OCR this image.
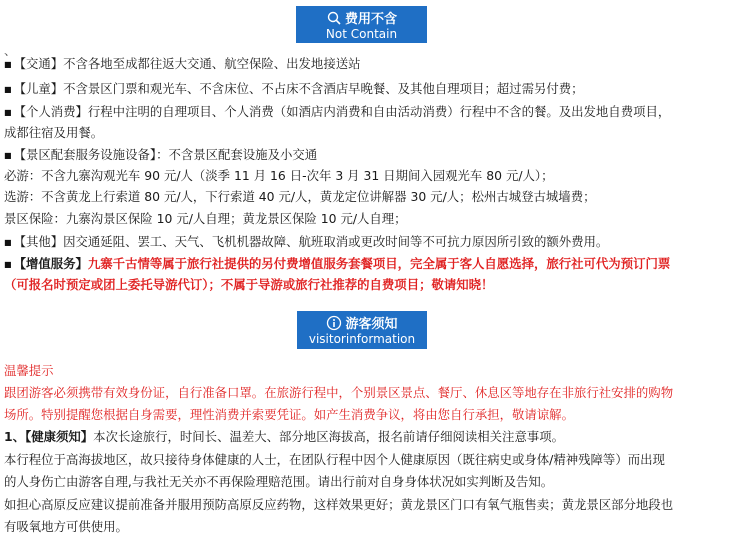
费用不含
Not Contain
、
■ 【交通】不含各地至成都往返大交通、航空保险、出发地接送站
■ 【儿童】不含景区门票和观光车、不含床位、不占床不含酒店早晚餐、及其他自理项目；超过需另付费；
■ 【个人消费】行程中注明的自理项目、个人消费（如酒店内消费和自由活动消费）行程中不含的餐。及出发地自费项目，
成都往宿及用餐。
■ 【景区配套服务设施设备】：不含景区配套设施及小交通
必游：不含九寨沟观光车 90 元/人（淡季 11 月 16 日-次年 3 月 31 日期间入园观光车 80 元/人）；
选游：不含黄龙上行索道 80 元/人，下行索道 40 元/人，黄龙定位讲解器 30 元/人；松州古城登古城墙费；
景区保险：九寨沟景区保险 10 元/人自理；黄龙景区保险 10 元/人自理；
■ 【其他】因交通延阻、罢工、天气、飞机机器故障、航班取消或更改时间等不可抗力原因所引致的额外费用。
■ 【增值服务】九寨千古情等属于旅行社提供的另付费增值服务套餐项目，完全属于客人自愿选择，旅行社可代为预订门票
（可报名时预定或团上委托导游代订）；不属于导游或旅行社推荐的自费项目；敬请知晓！
游客须知
visitorinformation
温馨提示
跟团游客必须携带有效身份证，自行准备口罩。在旅游行程中，个别景区景点、餐厅、休息区等地存在非旅行社安排的购物
场所。特别提醒您根据自身需要，理性消费并索要凭证。如产生消费争议，将由您自行承担，敬请谅解。
1、【健康须知】本次长途旅行，时间长、温差大、部分地区海拔高，报名前请仔细阅读相关注意事项。
本行程位于高海拔地区，故只接待身体健康的人士，在团队行程中因个人健康原因（既往病史或身体/精神残障等）而出现
的人身伤亡由游客自理,与我社无关亦不再保险理赔范围。请出行前对自身身体状况如实判断及告知。
如担心高原反应建议提前准备并服用预防高原反应药物，这样效果更好；黄龙景区门口有氧气瓶售卖；黄龙景区部分地段也
有吸氧地方可供使用。
